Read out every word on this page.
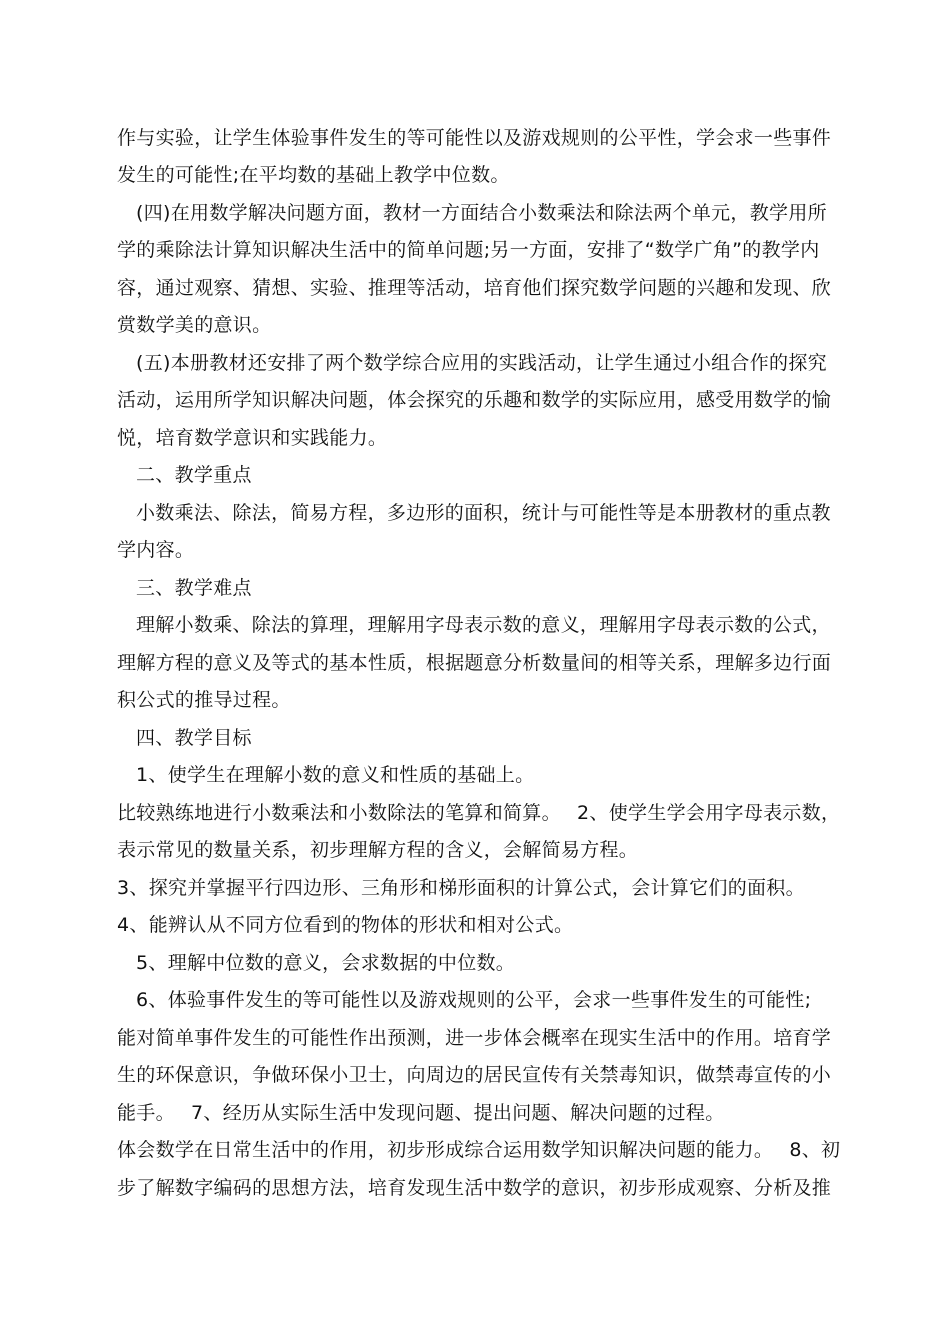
作与实验，让学生体验事件发生的等可能性以及游戏规则的公平性，学会求一些事件
发生的可能性;在平均数的基础上教学中位数。
(四)在用数学解决问题方面，教材一方面结合小数乘法和除法两个单元，教学用所
学的乘除法计算知识解决生活中的简单问题;另一方面，安排了“数学广角”的教学内
容，通过观察、猜想、实验、推理等活动，培育他们探究数学问题的兴趣和发现、欣
赏数学美的意识。
(五)本册教材还安排了两个数学综合应用的实践活动，让学生通过小组合作的探究
活动，运用所学知识解决问题，体会探究的乐趣和数学的实际应用，感受用数学的愉
悦，培育数学意识和实践能力。
二、教学重点
小数乘法、除法，简易方程，多边形的面积，统计与可能性等是本册教材的重点教
学内容。
三、教学难点
理解小数乘、除法的算理，理解用字母表示数的意义，理解用字母表示数的公式，
理解方程的意义及等式的基本性质，根据题意分析数量间的相等关系，理解多边行面
积公式的推导过程。
四、教学目标
1、使学生在理解小数的意义和性质的基础上。
比较熟练地进行小数乘法和小数除法的笔算和简算。　 2、使学生学会用字母表示数，
表示常见的数量关系，初步理解方程的含义，会解简易方程。
3、探究并掌握平行四边形、三角形和梯形面积的计算公式，会计算它们的面积。
4、能辨认从不同方位看到的物体的形状和相对公式。
5、理解中位数的意义，会求数据的中位数。
6、体验事件发生的等可能性以及游戏规则的公平，会求一些事件发生的可能性;
能对简单事件发生的可能性作出预测，进一步体会概率在现实生活中的作用。培育学
生的环保意识，争做环保小卫士，向周边的居民宣传有关禁毒知识，做禁毒宣传的小
能手。　 7、经历从实际生活中发现问题、提出问题、解决问题的过程。
体会数学在日常生活中的作用，初步形成综合运用数学知识解决问题的能力。　 8、初
步了解数字编码的思想方法，培育发现生活中数学的意识，初步形成观察、分析及推
